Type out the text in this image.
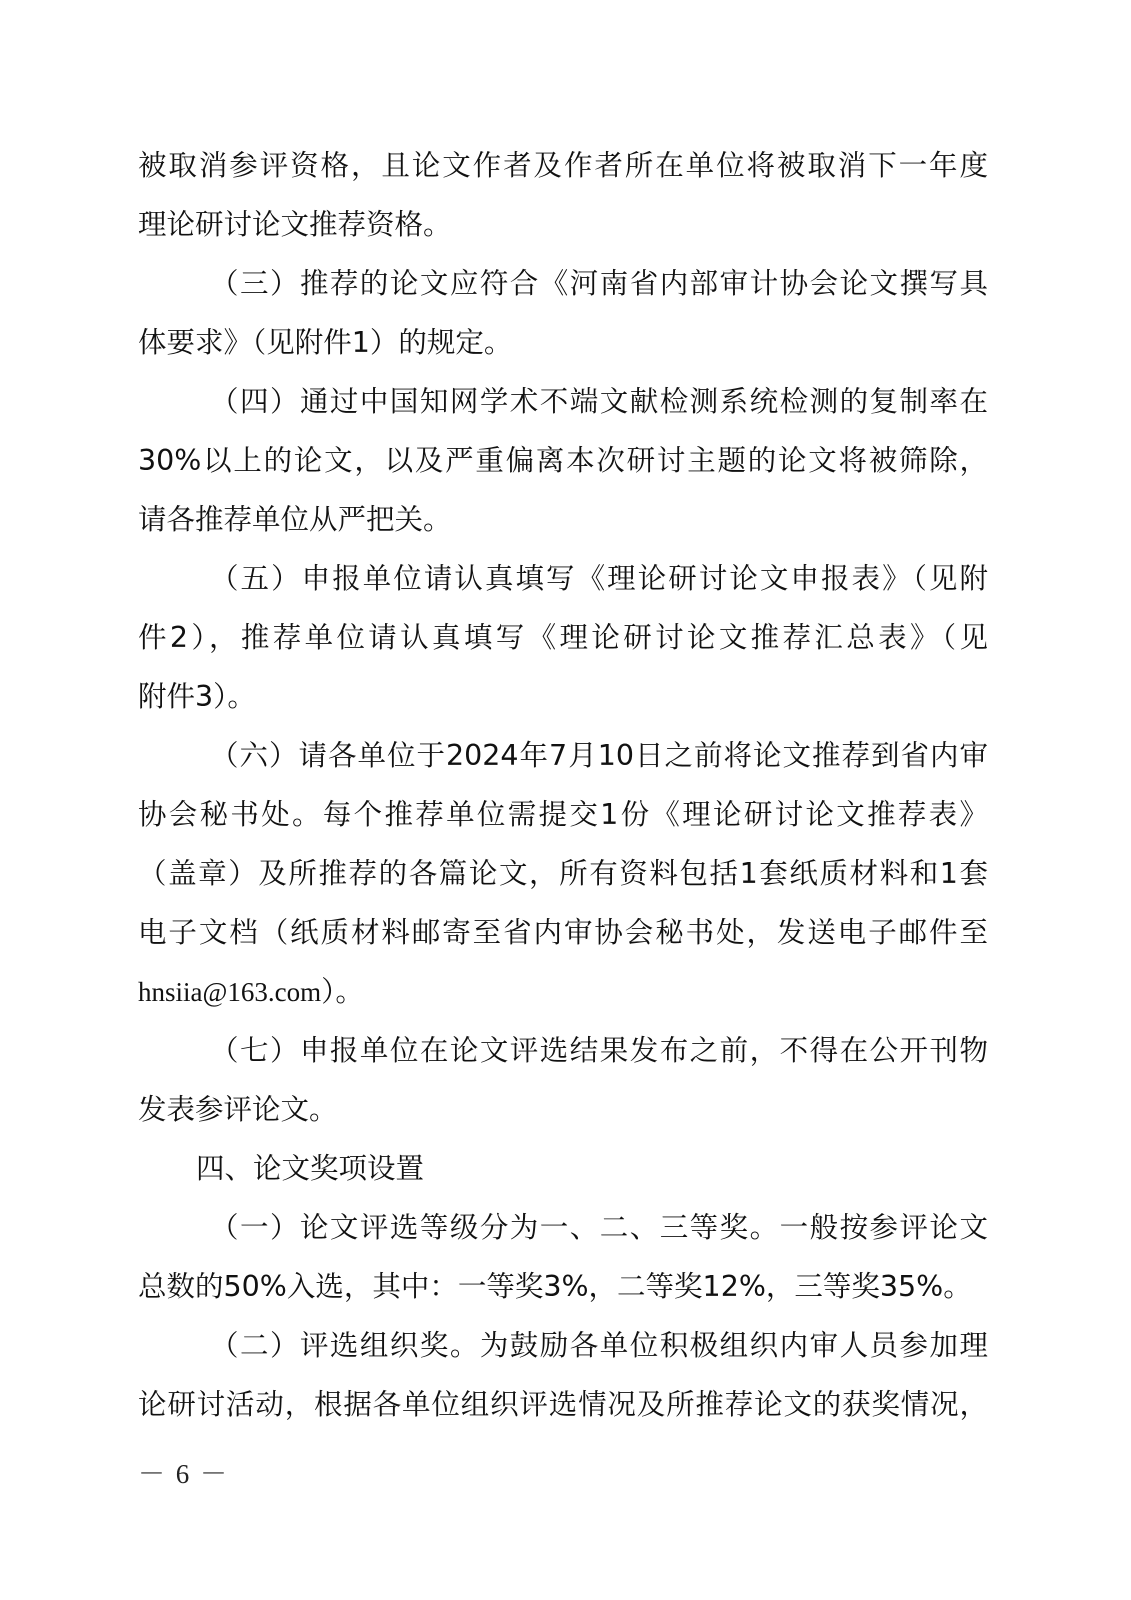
被取消参评资格，且论文作者及作者所在单位将被取消下一年度
理论研讨论文推荐资格。
（三）推荐的论文应符合《河南省内部审计协会论文撰写具
体要求》（见附件1）的规定。
（四）通过中国知网学术不端文献检测系统检测的复制率在
30%以上的论文，以及严重偏离本次研讨主题的论文将被筛除，
请各推荐单位从严把关。
（五）申报单位请认真填写《理论研讨论文申报表》（见附
件2），推荐单位请认真填写《理论研讨论文推荐汇总表》（见
附件3）。
（六）请各单位于2024年7月10日之前将论文推荐到省内审
协会秘书处。每个推荐单位需提交1份《理论研讨论文推荐表》
（盖章）及所推荐的各篇论文，所有资料包括1套纸质材料和1套
电子文档（纸质材料邮寄至省内审协会秘书处，发送电子邮件至
hnsiia@163.com）。
（七）申报单位在论文评选结果发布之前，不得在公开刊物
发表参评论文。
四、论文奖项设置
（一）论文评选等级分为一、二、三等奖。一般按参评论文
总数的50%入选，其中：一等奖3%，二等奖12%，三等奖35%。
（二）评选组织奖。为鼓励各单位积极组织内审人员参加理
论研讨活动，根据各单位组织评选情况及所推荐论文的获奖情况，
－ 6 －
